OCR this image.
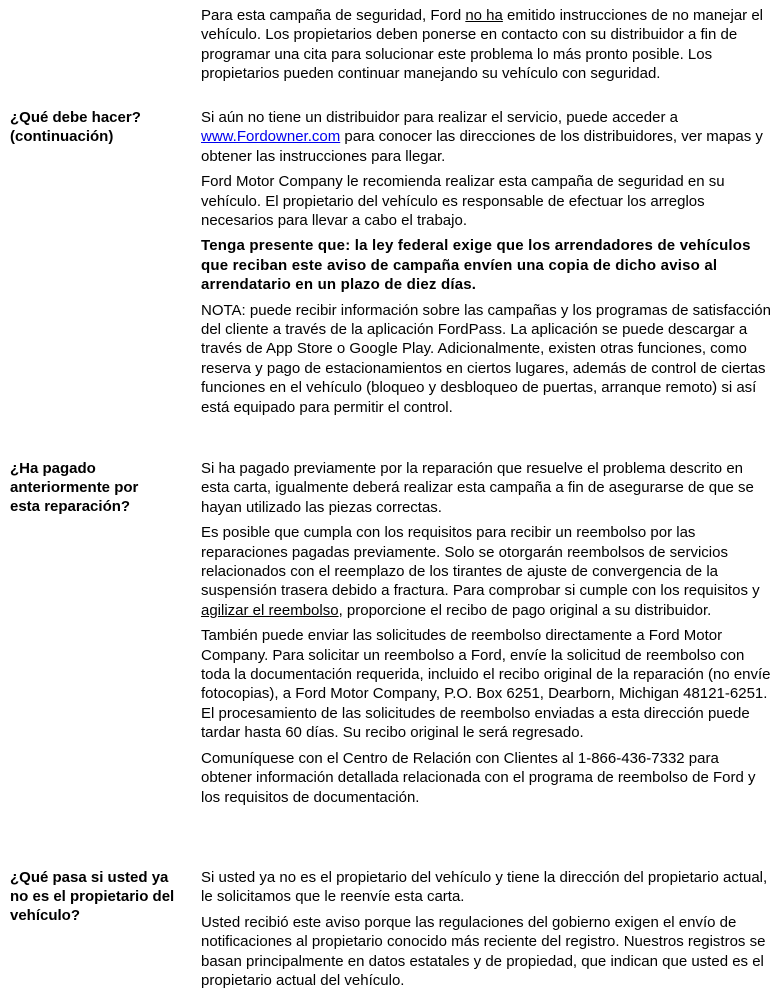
Para esta campaña de seguridad, Ford no ha emitido instrucciones de no manejar el vehículo. Los propietarios deben ponerse en contacto con su distribuidor a fin de programar una cita para solucionar este problema lo más pronto posible. Los propietarios pueden continuar manejando su vehículo con seguridad.

¿Qué debe hacer?
(continuación)

Si aún no tiene un distribuidor para realizar el servicio, puede acceder a www.Fordowner.com para conocer las direcciones de los distribuidores, ver mapas y obtener las instrucciones para llegar.

Ford Motor Company le recomienda realizar esta campaña de seguridad en su vehículo. El propietario del vehículo es responsable de efectuar los arreglos necesarios para llevar a cabo el trabajo.

Tenga presente que: la ley federal exige que los arrendadores de vehículos que reciban este aviso de campaña envíen una copia de dicho aviso al arrendatario en un plazo de diez días.

NOTA: puede recibir información sobre las campañas y los programas de satisfacción del cliente a través de la aplicación FordPass. La aplicación se puede descargar a través de App Store o Google Play. Adicionalmente, existen otras funciones, como reserva y pago de estacionamientos en ciertos lugares, además de control de ciertas funciones en el vehículo (bloqueo y desbloqueo de puertas, arranque remoto) si así está equipado para permitir el control.

¿Ha pagado anteriormente por esta reparación?

Si ha pagado previamente por la reparación que resuelve el problema descrito en esta carta, igualmente deberá realizar esta campaña a fin de asegurarse de que se hayan utilizado las piezas correctas.

Es posible que cumpla con los requisitos para recibir un reembolso por las reparaciones pagadas previamente. Solo se otorgarán reembolsos de servicios relacionados con el reemplazo de los tirantes de ajuste de convergencia de la suspensión trasera debido a fractura. Para comprobar si cumple con los requisitos y agilizar el reembolso, proporcione el recibo de pago original a su distribuidor.

También puede enviar las solicitudes de reembolso directamente a Ford Motor Company. Para solicitar un reembolso a Ford, envíe la solicitud de reembolso con toda la documentación requerida, incluido el recibo original de la reparación (no envíe fotocopias), a Ford Motor Company, P.O. Box 6251, Dearborn, Michigan 48121-6251. El procesamiento de las solicitudes de reembolso enviadas a esta dirección puede tardar hasta 60 días. Su recibo original le será regresado.

Comuníquese con el Centro de Relación con Clientes al 1-866-436-7332 para obtener información detallada relacionada con el programa de reembolso de Ford y los requisitos de documentación.

¿Qué pasa si usted ya no es el propietario del vehículo?

Si usted ya no es el propietario del vehículo y tiene la dirección del propietario actual, le solicitamos que le reenvíe esta carta.

Usted recibió este aviso porque las regulaciones del gobierno exigen el envío de notificaciones al propietario conocido más reciente del registro. Nuestros registros se basan principalmente en datos estatales y de propiedad, que indican que usted es el propietario actual del vehículo.
